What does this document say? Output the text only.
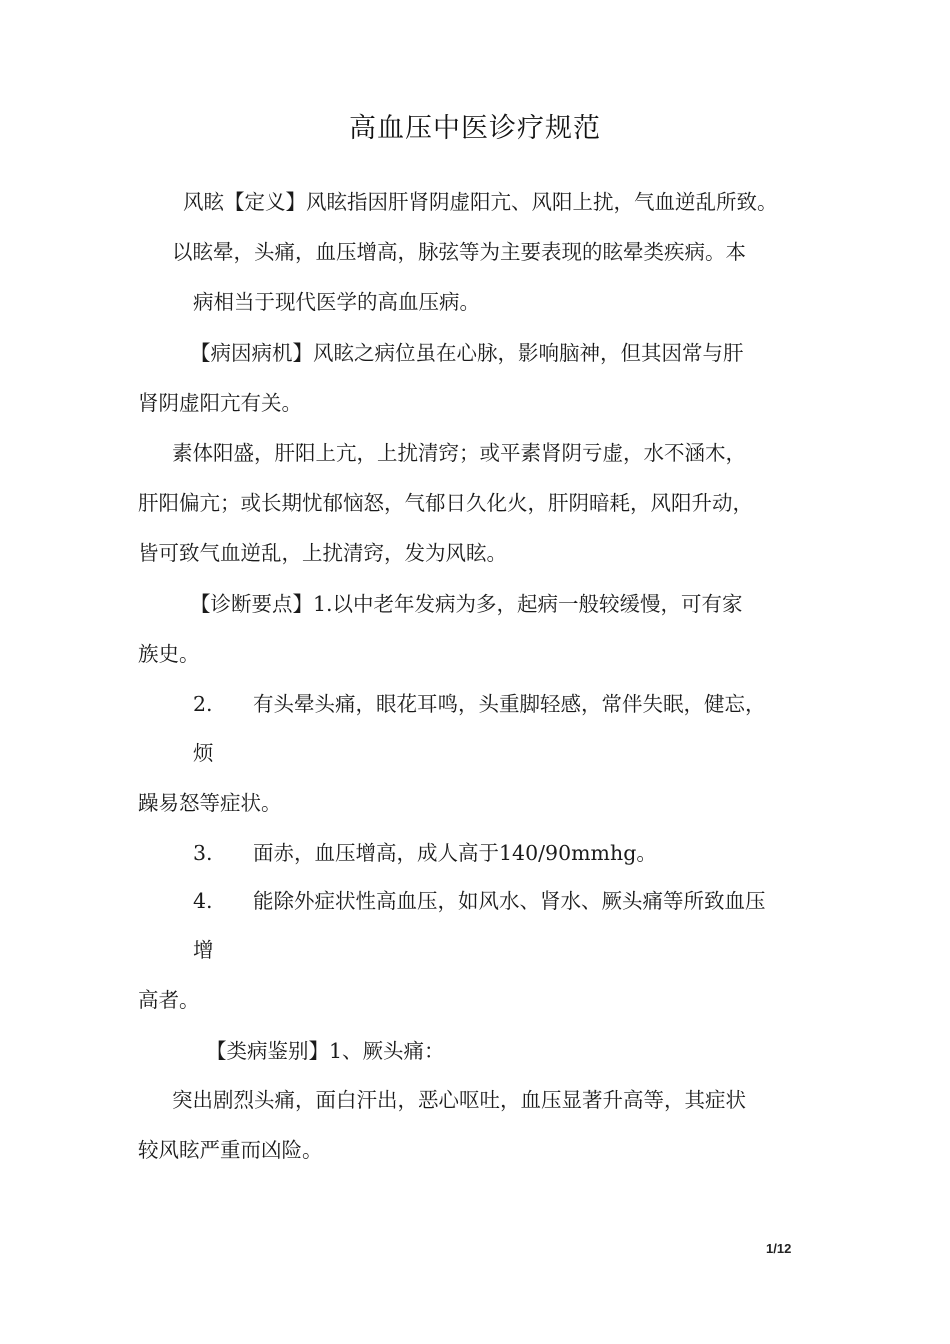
高血压中医诊疗规范
风眩【定义】风眩指因肝肾阴虚阳亢、风阳上扰，气血逆乱所致。
以眩晕，头痛，血压增高，脉弦等为主要表现的眩晕类疾病。本
病相当于现代医学的高血压病。
【病因病机】风眩之病位虽在心脉，影响脑神，但其因常与肝
肾阴虚阳亢有关。
素体阳盛，肝阳上亢，上扰清窍；或平素肾阴亏虚，水不涵木，
肝阳偏亢；或长期忧郁恼怒，气郁日久化火，肝阴暗耗，风阳升动，
皆可致气血逆乱，上扰清窍，发为风眩。
【诊断要点】1.以中老年发病为多，起病一般较缓慢，可有家
族史。
2. 有头晕头痛，眼花耳鸣，头重脚轻感，常伴失眠，健忘，
烦
躁易怒等症状。
3. 面赤，血压增高，成人高于140/90mmhg。
4. 能除外症状性高血压，如风水、肾水、厥头痛等所致血压
增
高者。
【类病鉴别】1、厥头痛：
突出剧烈头痛，面白汗出，恶心呕吐，血压显著升高等，其症状
较风眩严重而凶险。
1/12
